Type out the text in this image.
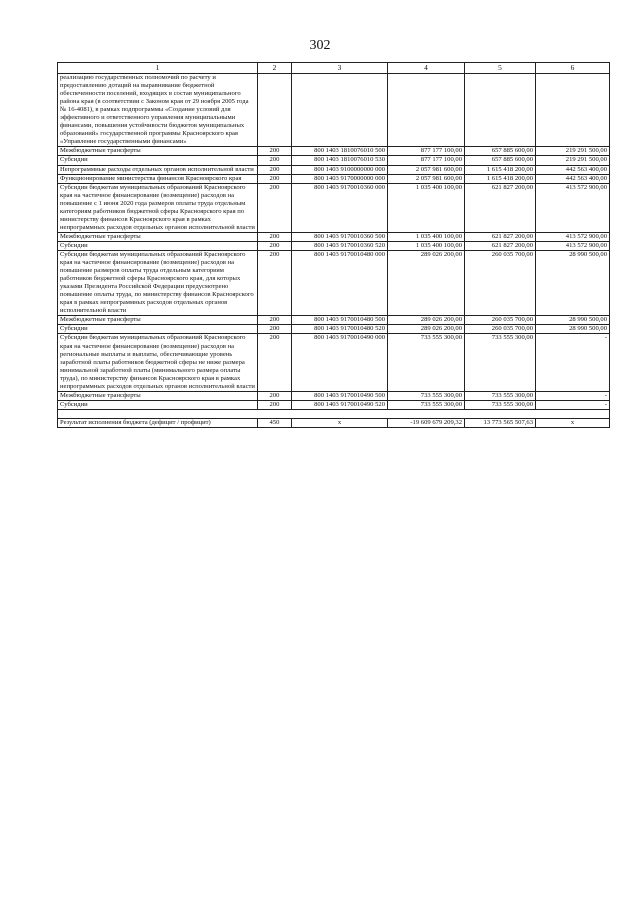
302
1	2	3	4	5	6
реализацию государственных полномочий по расчету и предоставлению дотаций на выравнивание бюджетной обеспеченности поселений, входящих в состав муниципального района края (в соответствии с Законом края от 29 ноября 2005 года № 16-4081), в рамках подпрограммы «Создание условий для эффективного и ответственного управления муниципальными финансами, повышения устойчивости бюджетов муниципальных образований» государственной программы Красноярского края «Управление государственными финансами»					
Межбюджетные трансферты	200	800 1403 1810076010 500	877 177 100,00	657 885 600,00	219 291 500,00
Субсидии	200	800 1403 1810076010 530	877 177 100,00	657 885 600,00	219 291 500,00
Непрограммные расходы отдельных органов исполнительной власти	200	800 1403 9100000000 000	2 057 981 600,00	1 615 418 200,00	442 563 400,00
Функционирование министерства финансов Красноярского края	200	800 1403 9170000000 000	2 057 981 600,00	1 615 418 200,00	442 563 400,00
Субсидии бюджетам муниципальных образований Красноярского края на частичное финансирование (возмещение) расходов на повышение с 1 июня 2020 года размеров оплаты труда отдельным категориям работников бюджетной сферы Красноярского края по министерству финансов Красноярского края в рамках непрограммных расходов отдельных органов исполнительной власти	200	800 1403 9170010360 000	1 035 400 100,00	621 827 200,00	413 572 900,00
Межбюджетные трансферты	200	800 1403 9170010360 500	1 035 400 100,00	621 827 200,00	413 572 900,00
Субсидии	200	800 1403 9170010360 520	1 035 400 100,00	621 827 200,00	413 572 900,00
Субсидии бюджетам муниципальных образований Красноярского края на частичное финансирование (возмещение) расходов на повышение размеров оплаты труда отдельным категориям работников бюджетной сферы Красноярского края, для которых указами Президента Российской Федерации предусмотрено повышение оплаты труда, по министерству финансов Красноярского края в рамках непрограммных расходов отдельных органов исполнительной власти	200	800 1403 9170010480 000	289 026 200,00	260 035 700,00	28 990 500,00
Межбюджетные трансферты	200	800 1403 9170010480 500	289 026 200,00	260 035 700,00	28 990 500,00
Субсидии	200	800 1403 9170010480 520	289 026 200,00	260 035 700,00	28 990 500,00
Субсидии бюджетам муниципальных образований Красноярского края на частичное финансирование (возмещение) расходов на региональные выплаты и выплаты, обеспечивающие уровень заработной платы работников бюджетной сферы не ниже размера минимальной заработной платы (минимального размера оплаты труда), по министерству финансов Красноярского края в рамках непрограммных расходов отдельных органов исполнительной власти	200	800 1403 9170010490 000	733 555 300,00	733 555 300,00	-
Межбюджетные трансферты	200	800 1403 9170010490 500	733 555 300,00	733 555 300,00	-
Субсидии	200	800 1403 9170010490 520	733 555 300,00	733 555 300,00	-

Результат исполнения бюджета (дефицит / профицит)	450	x	-19 609 679 209,32	13 773 565 507,63	x
